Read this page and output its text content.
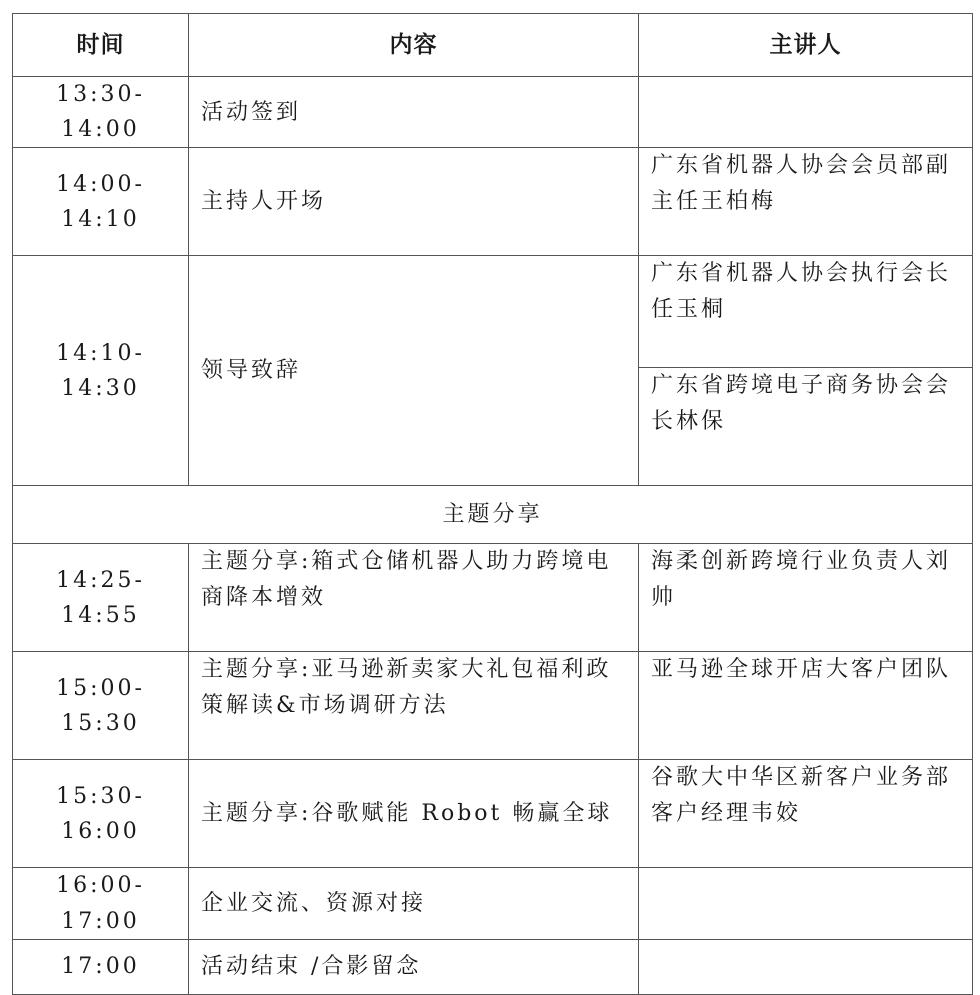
时间	内容	主讲人
13:30-14:00	活动签到	
14:00-14:10	主持人开场	广东省机器人协会会员部副主任王柏梅
14:10-14:30	领导致辞	广东省机器人协会执行会长任玉桐
		广东省跨境电子商务协会会长林保
主题分享		
14:25-14:55	主题分享:箱式仓储机器人助力跨境电商降本增效	海柔创新跨境行业负责人刘帅
15:00-15:30	主题分享:亚马逊新卖家大礼包福利政策解读&市场调研方法	亚马逊全球开店大客户团队
15:30-16:00	主题分享:谷歌赋能 Robot 畅赢全球	谷歌大中华区新客户业务部客户经理韦姣
16:00-17:00	企业交流、资源对接	
17:00	活动结束 /合影留念	
